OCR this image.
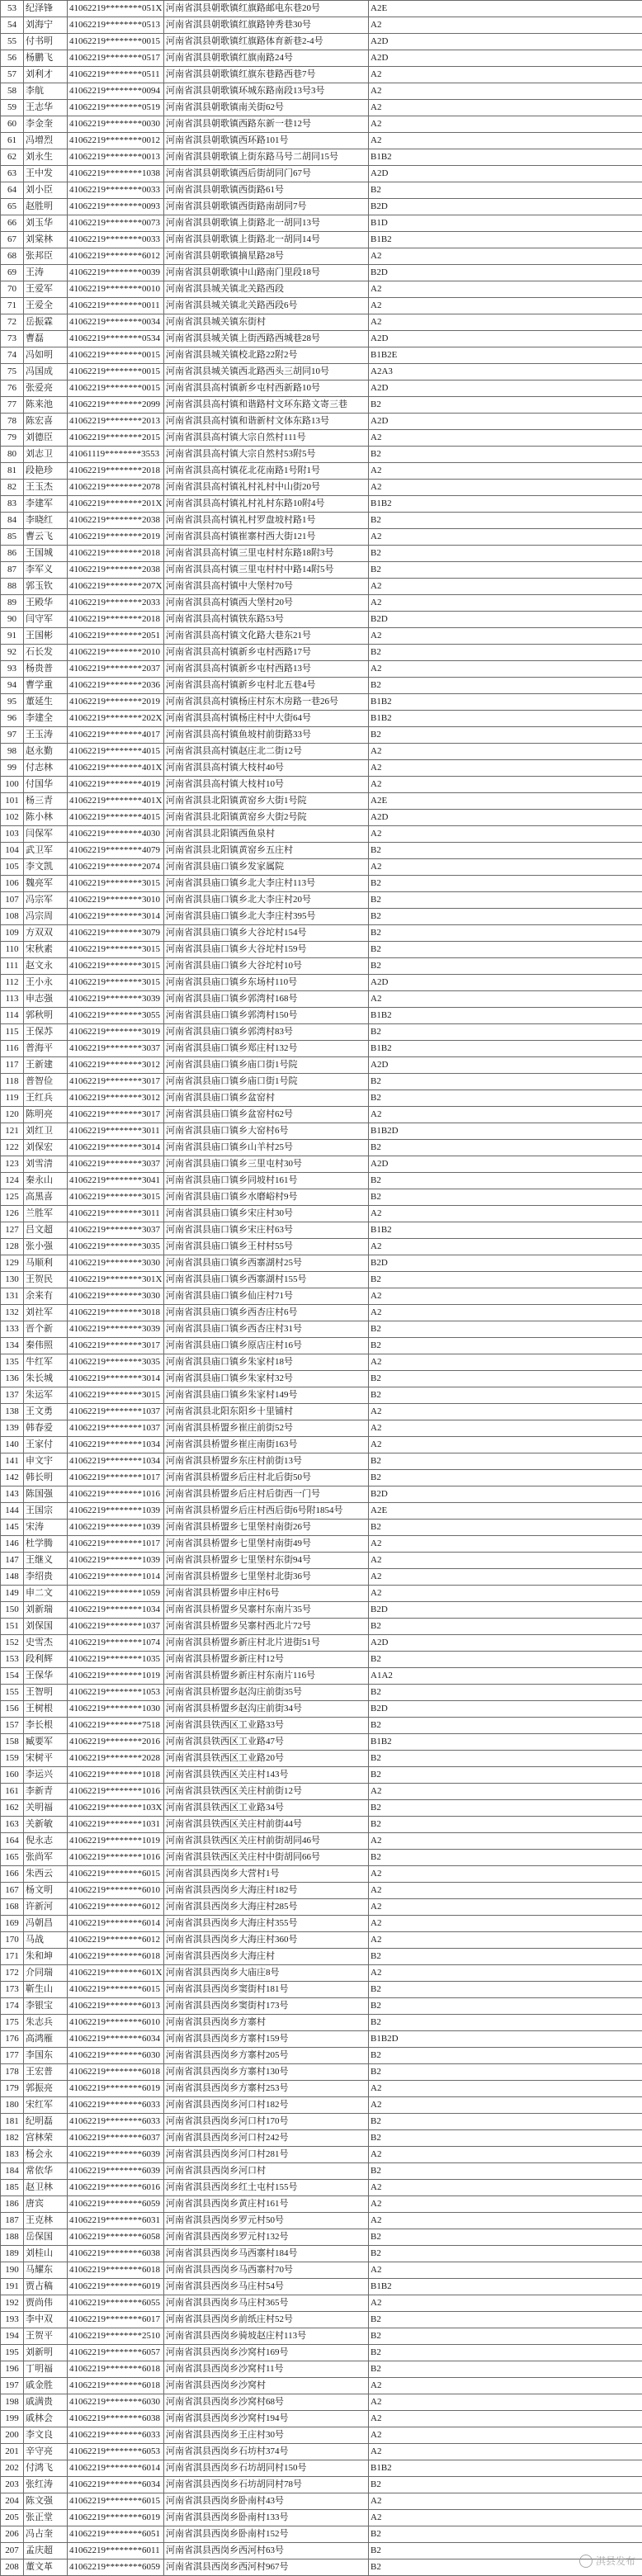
53	纪泽锋	41062219********051X	河南省淇县朝歌镇红旗路邮电东巷20号	A2E
54	刘海宁	41062219********0513	河南省淇县朝歌镇红旗路钟秀巷30号	A2
55	付书明	41062219********0015	河南省淇县朝歌镇红旗路体育新巷2-4号	A2D
56	杨鹏飞	41062219********0517	河南省淇县朝歌镇红旗南路24号	A2D
57	刘利才	41062219********0511	河南省淇县朝歌镇红旗东巷路西巷7号	A2
58	李航	41062219********0094	河南省淇县朝歌镇环城东路南段13号3号	A2
59	王志华	41062219********0519	河南省淇县朝歌镇南关街62号	A2
60	李金奎	41062219********0030	河南省淇县朝歌镇西路东新一巷12号	A2
61	冯增烈	41062219********0012	河南省淇县朝歌镇西环路101号	A2
62	刘永生	41062219********0013	河南省淇县朝歌镇上街东路马号二胡同15号	B1B2
63	王中发	41062219********1038	河南省淇县朝歌镇西后街胡同门67号	A2D
64	刘小臣	41062219********0033	河南省淇县朝歌镇西街路61号	B2
65	赵胜明	41062219********0093	河南省淇县朝歌镇西街路南胡同7号	B2D
66	刘玉华	41062219********0073	河南省淇县朝歌镇上街路北一胡同13号	B1D
67	刘棠林	41062219********0033	河南省淇县朝歌镇上街路北一胡同14号	B1B2
68	张邦臣	41062219********6012	河南省淇县朝歌镇摘星路28号	A2
69	王涛	41062219********0039	河南省淇县朝歌镇中山路南门里段18号	B2D
70	王爱军	41062219********0010	河南省淇县城关镇北关路西段	A2
71	王爱全	41062219********0011	河南省淇县城关镇北关路西段6号	A2
72	岳振霖	41062219********0034	河南省淇县城关镇东街村	A2
73	曹磊	41062219********0534	河南省淇县城关镇上街西路西城巷28号	A2D
74	冯如明	41062219********0015	河南省淇县城关镇校北路22附2号	B1B2E
75	冯国成	41062219********0015	河南省淇县城关镇西北路西头三胡同10号	A2A3
76	张爱亮	41062219********0015	河南省淇县高村镇新乡屯村西新路10号	A2D
77	陈来池	41062219********2099	河南省淇县高村镇和谐路村文环东路文寄三巷	B2
78	陈宏喜	41062219********2013	河南省淇县高村镇和谐新村文体东路13号	A2D
79	刘德臣	41062219********2015	河南省淇县高村镇大宗自然村111号	A2
80	刘志卫	41061119********3553	河南省淇县高村镇大宗自然村53附5号	B2
81	段艳珍	41062219********2018	河南省淇县高村镇花北花南路1号附1号	A2
82	王玉杰	41062219********2078	河南省淇县高村镇礼村礼村中山街20号	A2
83	李建军	41062219********201X	河南省淇县高村镇礼村礼村东路10附4号	B1B2
84	李晓红	41062219********2038	河南省淇县高村镇礼村罗盘坡村路1号	B2
85	曹云飞	41062219********2019	河南省淇县高村镇崔寨村西大街121号	A2
86	王国城	41062219********2018	河南省淇县高村镇三里屯村村东路18附3号	B2
87	李军义	41062219********2038	河南省淇县高村镇三里屯村村中路14附5号	B2
88	郭玉钦	41062219********207X	河南省淇县高村镇中大堡村70号	A2
89	王殿华	41062219********2033	河南省淇县高村镇西大堡村20号	A2
90	闫守军	41062219********2018	河南省淇县高村镇铁东路53号	B2D
91	王国彬	41062219********2051	河南省淇县高村镇文化路大巷东21号	A2
92	石长发	41062219********2010	河南省淇县高村镇新乡屯村西路17号	B2
93	杨贵普	41062219********2037	河南省淇县高村镇新乡屯村西路13号	A2
94	曹学重	41062219********2036	河南省淇县高村镇新乡屯村北五巷4号	B2
95	董延生	41062219********2019	河南省淇县高村镇杨庄村东木房路一巷26号	B1B2
96	李建全	41062219********202X	河南省淇县高村镇杨庄村中大街64号	B1B2
97	王玉涛	41062219********4017	河南省淇县高村镇鱼坡村前街路33号	B2
98	赵永勤	41062219********4015	河南省淇县高村镇赵庄北二街12号	A2
99	付志林	41062219********401X	河南省淇县高村镇大枝村40号	A2
100	付国华	41062219********4019	河南省淇县高村镇大枝村10号	A2
101	杨三青	41062219********401X	河南省淇县北阳镇黄窑乡大街1号院	A2E
102	陈小林	41062219********4015	河南省淇县北阳镇黄窑乡大街2号院	A2D
103	闫保军	41062219********4030	河南省淇县北阳镇西鱼泉村	A2
104	武卫军	41062219********4079	河南省淇县北阳镇黄窑乡五庄村	B2
105	李文凯	41062219********2074	河南省淇县庙口镇乡发家属院	A2
106	魏亮军	41062219********3015	河南省淇县庙口镇乡北大李庄村113号	B2
107	冯宗军	41062219********3010	河南省淇县庙口镇乡北大李庄村20号	B2
108	冯宗周	41062219********3014	河南省淇县庙口镇乡北大李庄村395号	B2
109	方双双	41062219********3079	河南省淇县庙口镇乡大谷坨村154号	B2
110	宋秋素	41062219********3015	河南省淇县庙口镇乡大谷坨村159号	B2
111	赵文永	41062219********3015	河南省淇县庙口镇乡大谷坨村10号	B2
112	王小永	41062219********3015	河南省淇县庙口镇乡东场村110号	A2D
113	申志强	41062219********3039	河南省淇县庙口镇乡郭湾村168号	A2
114	郭秋明	41062219********3055	河南省淇县庙口镇乡郭湾村150号	B1B2
115	王保苏	41062219********3019	河南省淇县庙口镇乡郭湾村83号	B2
116	普海平	41062219********3037	河南省淇县庙口镇乡郑庄村132号	B1B2
117	王新建	41062219********3012	河南省淇县庙口镇乡庙口街1号院	A2D
118	普智俭	41062219********3017	河南省淇县庙口镇乡庙口街1号院	B2
119	王红兵	41062219********3012	河南省淇县庙口镇乡盆窑村	B2
120	陈明亮	41062219********3017	河南省淇县庙口镇乡盆窑村62号	A2
121	刘红卫	41062219********3011	河南省淇县庙口镇乡大窑村6号	B1B2D
122	刘保宏	41062219********3014	河南省淇县庙口镇乡山羊村25号	B2
123	刘雪清	41062219********3037	河南省淇县庙口镇乡三里屯村30号	A2D
124	秦永山	41062219********3041	河南省淇县庙口镇乡同坡村161号	B2
125	高黑喜	41062219********3015	河南省淇县庙口镇乡水磨峪村9号	B2
126	兰胜军	41062219********3011	河南省淇县庙口镇乡宋庄村30号	A2
127	吕文超	41062219********3037	河南省淇县庙口镇乡宋庄村63号	B1B2
128	张小强	41062219********3035	河南省淇县庙口镇乡王村村55号	A2
129	马顺利	41062219********3030	河南省淇县庙口镇乡西寨湖村25号	B2D
130	王贺民	41062219********301X	河南省淇县庙口镇乡西寨湖村155号	B2
131	余来有	41062219********3030	河南省淇县庙口镇乡仙庄村71号	A2
132	刘社军	41062219********3018	河南省淇县庙口镇乡西杏庄村6号	A2
133	晋个新	41062219********3039	河南省淇县庙口镇乡西杏庄村31号	B2
134	秦伟照	41062219********3017	河南省淇县庙口镇乡原店庄村16号	B2
135	牛红军	41062219********3035	河南省淇县庙口镇乡朱家村18号	A2
136	朱长城	41062219********3014	河南省淇县庙口镇乡朱家村32号	B2
137	朱运军	41062219********3015	河南省淇县庙口镇乡朱家村149号	B2
138	王文勇	41062219********1037	河南省淇县北阳东阳乡十里铺村	A2
139	韩春爱	41062219********1037	河南省淇县桥盟乡崔庄前街52号	A2
140	王家付	41062219********1034	河南省淇县桥盟乡崔庄南街163号	A2
141	申文宇	41062219********1034	河南省淇县桥盟乡东庄村前街13号	B2
142	韩长明	41062219********1017	河南省淇县桥盟乡后庄村北后街50号	B2
143	陈国强	41062219********1016	河南省淇县桥盟乡后庄村后街西一门号	B2D
144	王国宗	41062219********1039	河南省淇县桥盟乡后庄村西后街6号附1854号	A2E
145	宋涛	41062219********1039	河南省淇县桥盟乡七里堡村南街26号	B2
146	杜学腾	41062219********1017	河南省淇县桥盟乡七里堡村南街49号	A2
147	王继义	41062219********1039	河南省淇县桥盟乡七里堡村东街94号	A2
148	李绍贵	41062219********1014	河南省淇县桥盟乡七里堡村北街36号	A2
149	申二文	41062219********1059	河南省淇县桥盟乡申庄村6号	A2
150	刘新瑞	41062219********1034	河南省淇县桥盟乡吴寨村东南片35号	B2D
151	刘保国	41062219********1037	河南省淇县桥盟乡吴寨村西北片72号	B2
152	史雪杰	41062219********1074	河南省淇县桥盟乡新庄村北片进街51号	A2D
153	段利辉	41062219********1035	河南省淇县桥盟乡新庄村12号	B2
154	王保华	41062219********1019	河南省淇县桥盟乡新庄村东南片116号	A1A2
155	王智明	41062219********1053	河南省淇县桥盟乡赵沟庄前街35号	B2
156	王树根	41062219********1030	河南省淇县桥盟乡赵沟庄前街34号	B2D
157	李长根	41062219********7518	河南省淇县铁西区工业路33号	B2
158	臧要军	41062219********2016	河南省淇县铁西区工业路47号	B1B2
159	宋树平	41062219********2028	河南省淇县铁西区工业路20号	B2
160	李运兴	41062219********1018	河南省淇县铁西区关庄村143号	B2
161	李新青	41062219********1016	河南省淇县铁西区关庄村前街12号	A2
162	关明福	41062219********103X	河南省淇县铁西区工业路34号	B2
163	关新敏	41062219********1031	河南省淇县铁西区关庄村前街44号	B2
164	倪永志	41062219********1019	河南省淇县铁西区关庄村前街胡同46号	A2
165	张尚军	41062219********1016	河南省淇县铁西区关庄村中街胡同66号	B2
166	朱西云	41062219********6015	河南省淇县西岗乡大营村1号	A2
167	杨文明	41062219********6010	河南省淇县西岗乡大海庄村182号	A2
168	许新河	41062219********6012	河南省淇县西岗乡大海庄村285号	A2
169	冯朝昌	41062219********6014	河南省淇县西岗乡大海庄村355号	A2
170	马战	41062219********6012	河南省淇县西岗乡大海庄村360号	A2
171	朱和坤	41062219********6018	河南省淇县西岗乡大海庄村	B2
172	介同瑞	41062219********601X	河南省淇县西岗乡大庙庄8号	A2
173	靳生山	41062219********6015	河南省淇县西岗乡窦街村181号	B2
174	李银宝	41062219********6013	河南省淇县西岗乡窦街村173号	B2
175	朱志兵	41062219********6010	河南省淇县西岗乡方寨村	B2
176	高鸿雁	41062219********6034	河南省淇县西岗乡方寨村159号	B1B2D
177	李国东	41062219********6030	河南省淇县西岗乡方寨村205号	B2
178	王宏普	41062219********6018	河南省淇县西岗乡方寨村130号	B2
179	郭振亮	41062219********6019	河南省淇县西岗乡方寨村253号	A2
180	宋红军	41062219********6033	河南省淇县西岗乡河口村182号	A2
181	纪明磊	41062219********6033	河南省淇县西岗乡河口村170号	B2
182	宫林荣	41062219********6037	河南省淇县西岗乡河口村242号	B2
183	杨会永	41062219********6039	河南省淇县西岗乡河口村281号	A2
184	常依华	41062219********6039	河南省淇县西岗乡河口村	B2
185	赵卫林	41062219********6016	河南省淇县西岗乡红土屯村155号	A2
186	唐宾	41062219********6059	河南省淇县西岗乡黄庄村161号	A2
187	王克林	41062219********6031	河南省淇县西岗乡罗元村50号	A2
188	岳保国	41062219********6058	河南省淇县西岗乡罗元村132号	B2
189	刘桂山	41062219********6038	河南省淇县西岗乡马西寨村184号	B2
190	马耀东	41062219********6018	河南省淇县西岗乡马西寨村70号	A2
191	贾占稿	41062219********6019	河南省淇县西岗乡马庄村54号	B1B2
192	贾尚伟	41062219********6055	河南省淇县西岗乡马庄村365号	A2
193	李中双	41062219********6017	河南省淇县西岗乡前纸庄村52号	B2
194	王贺平	41062219********2510	河南省淇县西岗乡骑坡赵庄村113号	B2
195	刘新明	41062219********6057	河南省淇县西岗乡沙窝村169号	B2
196	丁明福	41062219********6018	河南省淇县西岗乡沙窝村11号	B2
197	戚金胜	41062219********6018	河南省淇县西岗乡沙窝村	A2
198	戚满贵	41062219********6030	河南省淇县西岗乡沙窝村68号	A2
199	戚林会	41062219********6038	河南省淇县西岗乡沙窝村194号	A2
200	李文良	41062219********6033	河南省淇县西岗乡王庄村30号	A2
201	辛守亮	41062219********6053	河南省淇县西岗乡石坊村374号	A2
202	付鸿飞	41062219********6014	河南省淇县西岗乡石坊胡同村150号	B1B2
203	张红涛	41062219********6034	河南省淇县西岗乡石坊胡同村78号	B2
204	陈文强	41062219********6015	河南省淇县西岗乡卧南村43号	A2
205	张正堂	41062219********6019	河南省淇县西岗乡卧南村133号	A2
206	冯占奎	41062219********6051	河南省淇县西岗乡卧南村152号	B2
207	孟庆超	41062219********6011	河南省淇县西岗乡西河村63号	B2
208	董文革	41062219********6059	河南省淇县西岗乡西河村967号	B2	淇县发布
